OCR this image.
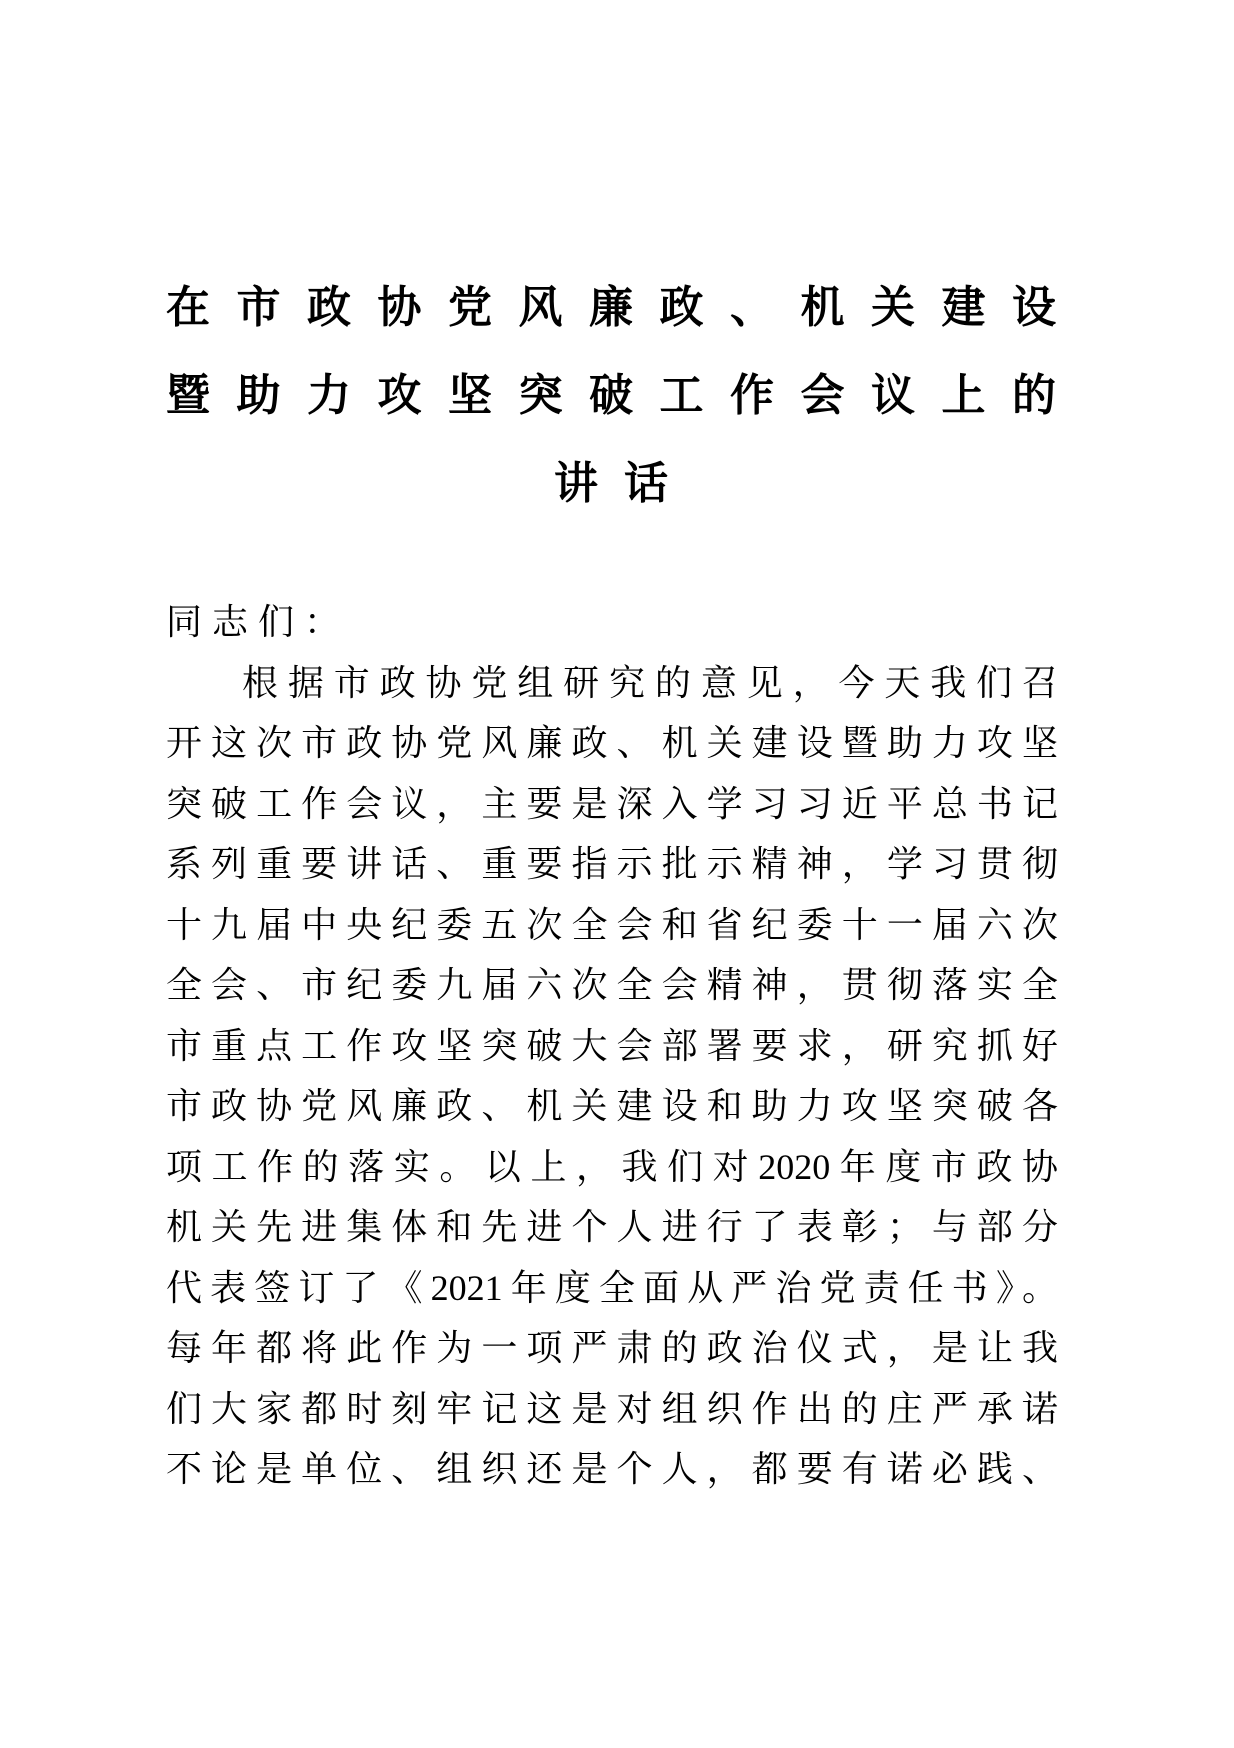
在市政协党风廉政、机关建设
暨助力攻坚突破工作会议上的
讲话

同志们：

根据市政协党组研究的意见，今天我们召

开这次市政协党风廉政、机关建设暨助力攻坚

突破工作会议，主要是深入学习习近平总书记

系列重要讲话、重要指示批示精神，学习贯彻

十九届中央纪委五次全会和省纪委十一届六次

全会、市纪委九届六次全会精神，贯彻落实全

市重点工作攻坚突破大会部署要求，研究抓好

市政协党风廉政、机关建设和助力攻坚突破各

项工作的落实。以上，我们对2020年度市政协

机关先进集体和先进个人进行了表彰；与部分

代表签订了《2021年度全面从严治党责任书》。

每年都将此作为一项严肃的政治仪式，是让我

们大家都时刻牢记这是对组织作出的庄严承诺

不论是单位、组织还是个人，都要有诺必践、
